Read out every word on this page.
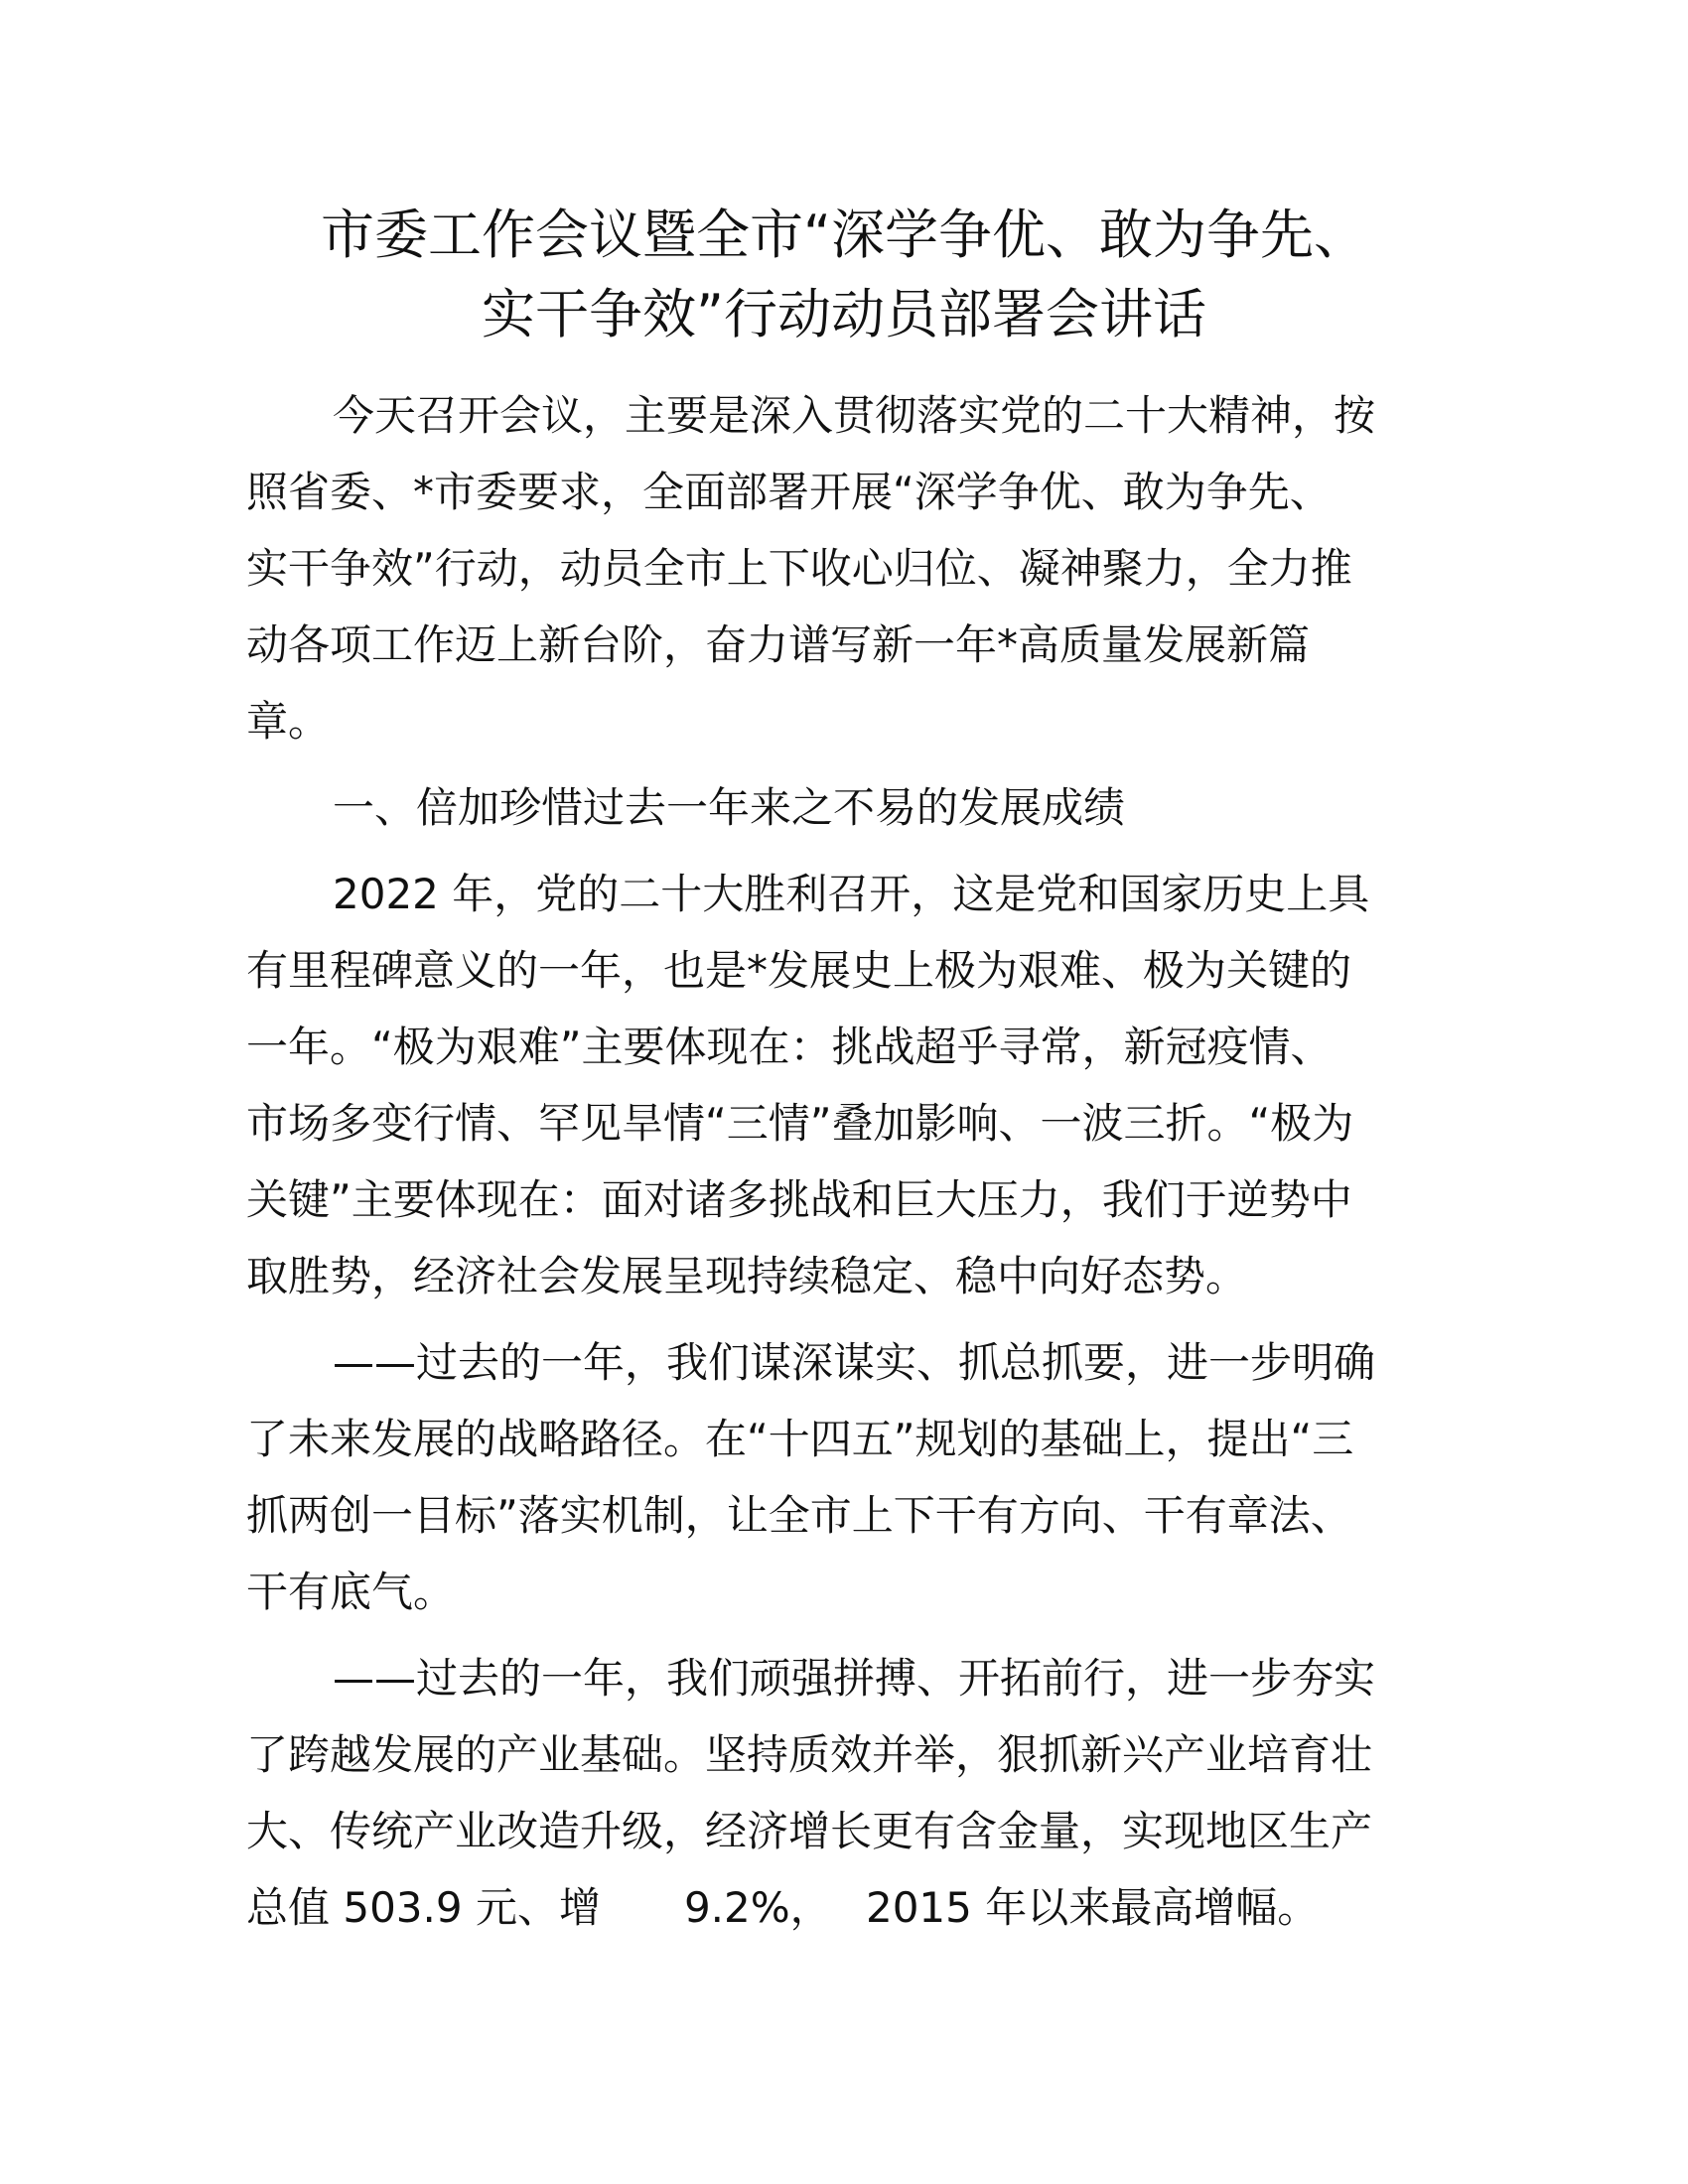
市委工作会议暨全市“深学争优、敢为争先、
实干争效”行动动员部署会讲话

今天召开会议，主要是深入贯彻落实党的二十大精神，按

照省委、*市委要求，全面部署开展“深学争优、敢为争先、

实干争效”行动，动员全市上下收心归位、凝神聚力，全力推

动各项工作迈上新台阶，奋力谱写新一年*高质量发展新篇

章。

一、倍加珍惜过去一年来之不易的发展成绩

2022 年，党的二十大胜利召开，这是党和国家历史上具

有里程碑意义的一年，也是*发展史上极为艰难、极为关键的

一年。“极为艰难”主要体现在：挑战超乎寻常，新冠疫情、

市场多变行情、罕见旱情“三情”叠加影响、一波三折。“极为

关键”主要体现在：面对诸多挑战和巨大压力，我们于逆势中

取胜势，经济社会发展呈现持续稳定、稳中向好态势。

——过去的一年，我们谋深谋实、抓总抓要，进一步明确

了未来发展的战略路径。在“十四五”规划的基础上，提出“三

抓两创一目标”落实机制，让全市上下干有方向、干有章法、

干有底气。

——过去的一年，我们顽强拼搏、开拓前行，进一步夯实

了跨越发展的产业基础。坚持质效并举，狠抓新兴产业培育壮

大、传统产业改造升级，经济增长更有含金量，实现地区生产

总值 503.9 元、增　　9.2%，　 2015 年以来最高增幅。
